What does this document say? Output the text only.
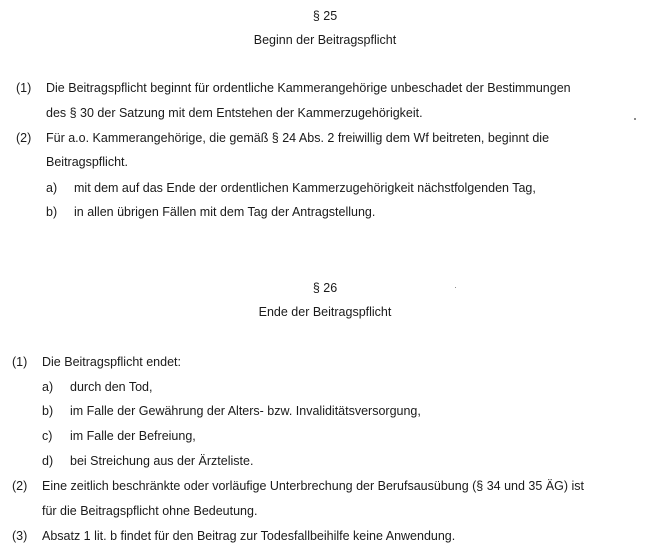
§ 25
Beginn der Beitragspflicht
(1) Die Beitragspflicht beginnt für ordentliche Kammerangehörige unbeschadet der Bestimmungen
des § 30 der Satzung mit dem Entstehen der Kammerzugehörigkeit.
(2) Für a.o. Kammerangehörige, die gemäß § 24 Abs. 2 freiwillig dem Wf beitreten, beginnt die
Beitragspflicht.
a) mit dem auf das Ende der ordentlichen Kammerzugehörigkeit nächstfolgenden Tag,
b) in allen übrigen Fällen mit dem Tag der Antragstellung.
§ 26
Ende der Beitragspflicht
(1) Die Beitragspflicht endet:
a) durch den Tod,
b) im Falle der Gewährung der Alters- bzw. Invaliditätsversorgung,
c) im Falle der Befreiung,
d) bei Streichung aus der Ärzteliste.
(2) Eine zeitlich beschränkte oder vorläufige Unterbrechung der Berufsausübung (§ 34 und 35 ÄG) ist
für die Beitragspflicht ohne Bedeutung.
(3) Absatz 1 lit. b findet für den Beitrag zur Todesfallbeihilfe keine Anwendung.
